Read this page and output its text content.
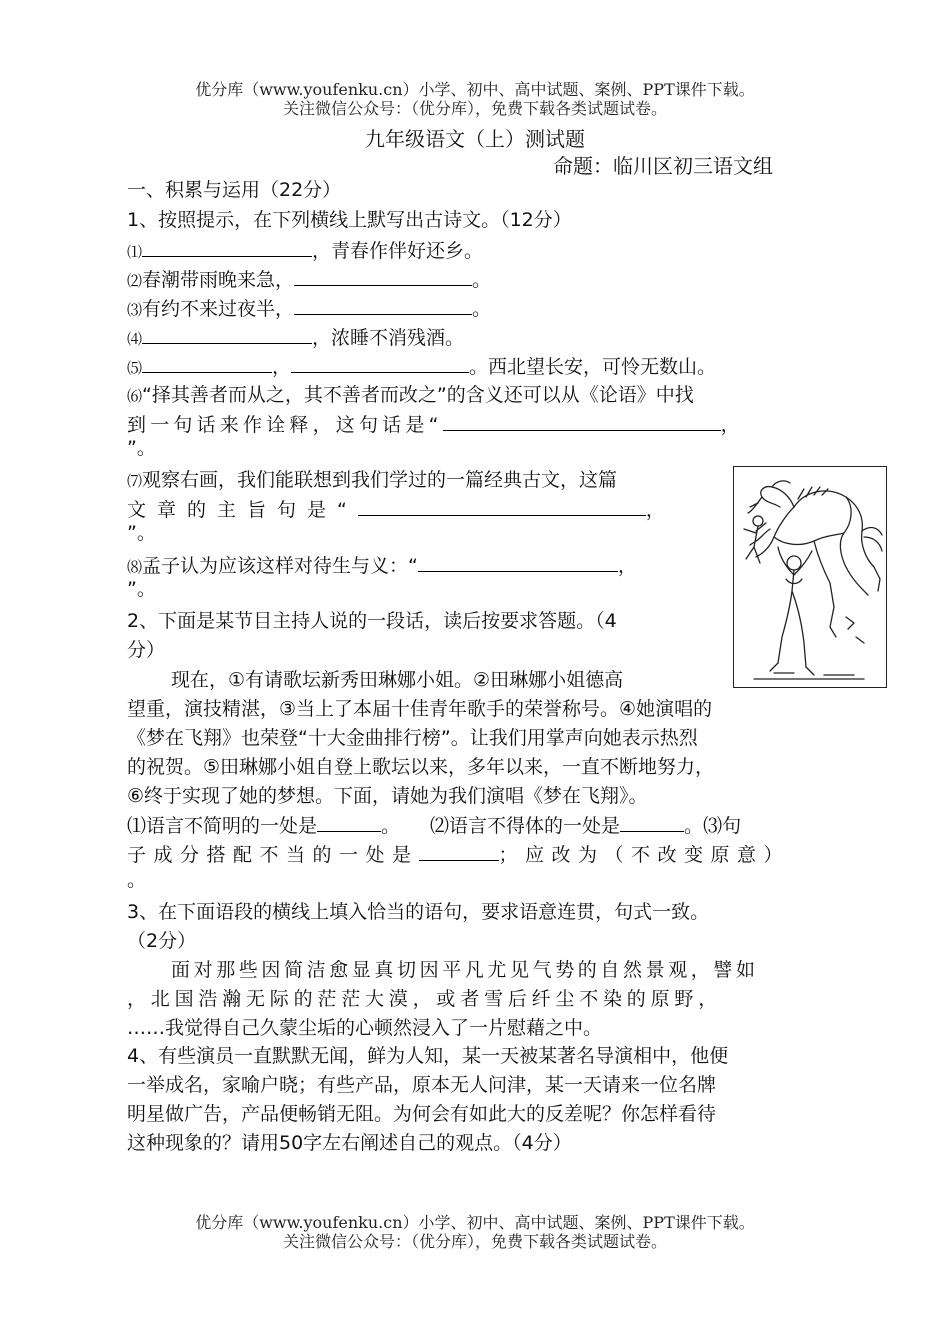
优分库（www.youfenku.cn）小学、初中、高中试题、案例、PPT课件下载。
关注微信公众号：（优分库），免费下载各类试题试卷。
九年级语文（上）测试题
命题：临川区初三语文组
一、积累与运用（22分）
1、按照提示，在下列横线上默写出古诗文。（12分）
⑴	，青春作伴好还乡。
⑵春潮带雨晚来急，	。
⑶有约不来过夜半，	。
⑷	，浓睡不消残酒。
⑸	，	。西北望长安，可怜无数山。
⑹“择其善者而从之，其不善者而改之”的含义还可以从《论语》中找
到一句话来作诠释，这句话是“	，
”。
⑺观察右画，我们能联想到我们学过的一篇经典古文，这篇
文章的主旨句是“	，
”。
⑻孟子认为应该这样对待生与义：“	，
”。
2、下面是某节目主持人说的一段话，读后按要求答题。（4
分）
现在，①有请歌坛新秀田琳娜小姐。②田琳娜小姐德高
望重，演技精湛，③当上了本届十佳青年歌手的荣誉称号。④她演唱的
《梦在飞翔》也荣登“十大金曲排行榜”。让我们用掌声向她表示热烈
的祝贺。⑤田琳娜小姐自登上歌坛以来，多年以来，一直不断地努力，
⑥终于实现了她的梦想。下面，请她为我们演唱《梦在飞翔》。
⑴语言不简明的一处是	。 ⑵语言不得体的一处是	。⑶句
子成分搭配不当的一处是	；应改为（不改变原意）
。
3、在下面语段的横线上填入恰当的语句，要求语意连贯，句式一致。
（2分）
面对那些因简洁愈显真切因平凡尤见气势的自然景观，譬如
，北国浩瀚无际的茫茫大漠，或者雪后纤尘不染的原野，
……我觉得自己久蒙尘垢的心顿然浸入了一片慰藉之中。
4、有些演员一直默默无闻，鲜为人知，某一天被某著名导演相中，他便
一举成名，家喻户晓；有些产品，原本无人问津，某一天请来一位名牌
明星做广告，产品便畅销无阻。为何会有如此大的反差呢？你怎样看待
这种现象的？请用50字左右阐述自己的观点。（4分）
优分库（www.youfenku.cn）小学、初中、高中试题、案例、PPT课件下载。
关注微信公众号：（优分库），免费下载各类试题试卷。
